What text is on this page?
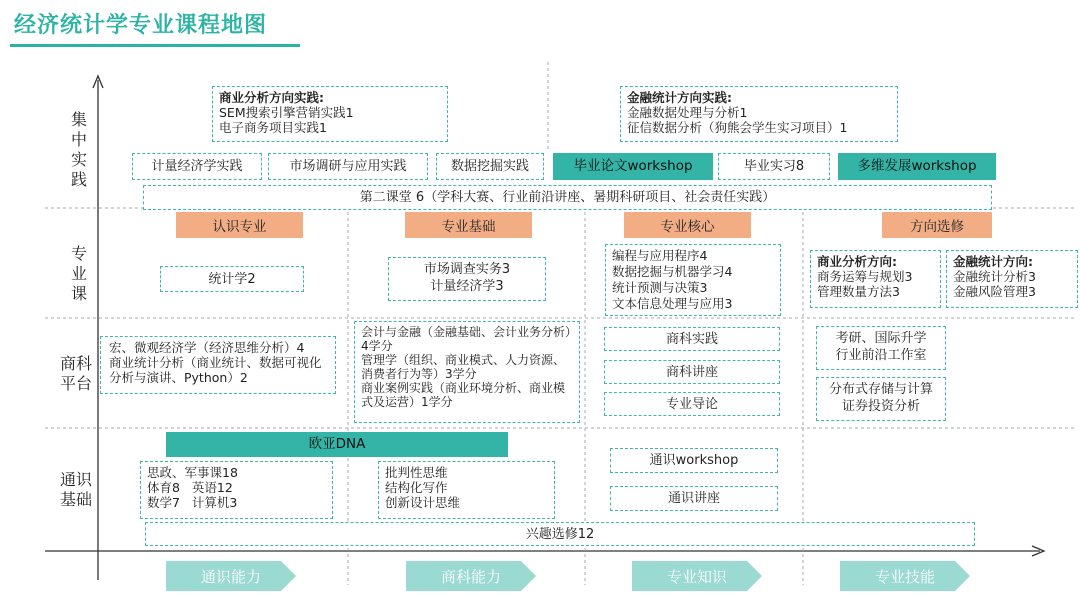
经济统计学专业课程地图
集
中
实
践
专
业
课
商科
平台
通识
基础
商业分析方向实践:
SEM搜索引擎营销实践1
电子商务项目实践1
金融统计方向实践:
金融数据处理与分析1
征信数据分析（狗熊会学生实习项目）1
计量经济学实践	市场调研与应用实践	数据挖掘实践	毕业论文workshop	毕业实习8	多维发展workshop
第二课堂 6（学科大赛、行业前沿讲座、暑期科研项目、社会责任实践）
认识专业	专业基础	专业核心	方向选修
统计学2
市场调查实务3
计量经济学3
编程与应用程序4
数据挖掘与机器学习4
统计预测与决策3
文本信息处理与应用3
商业分析方向:
商务运筹与规划3
管理数量方法3
金融统计方向:
金融统计分析3
金融风险管理3
宏、微观经济学（经济思维分析）4
商业统计分析（商业统计、数据可视化分析与演讲、Python）2
会计与金融（金融基础、会计业务分析）4学分
管理学（组织、商业模式、人力资源、消费者行为等）3学分
商业案例实践（商业环境分析、商业模式及运营）1学分
商科实践
商科讲座
专业导论
考研、国际升学
行业前沿工作室
分布式存储与计算
证券投资分析
欧亚DNA
思政、军事课18
体育8   英语12
数学7   计算机3
批判性思维
结构化写作
创新设计思维
通识workshop
通识讲座
兴趣选修12
通识能力	商科能力	专业知识	专业技能
